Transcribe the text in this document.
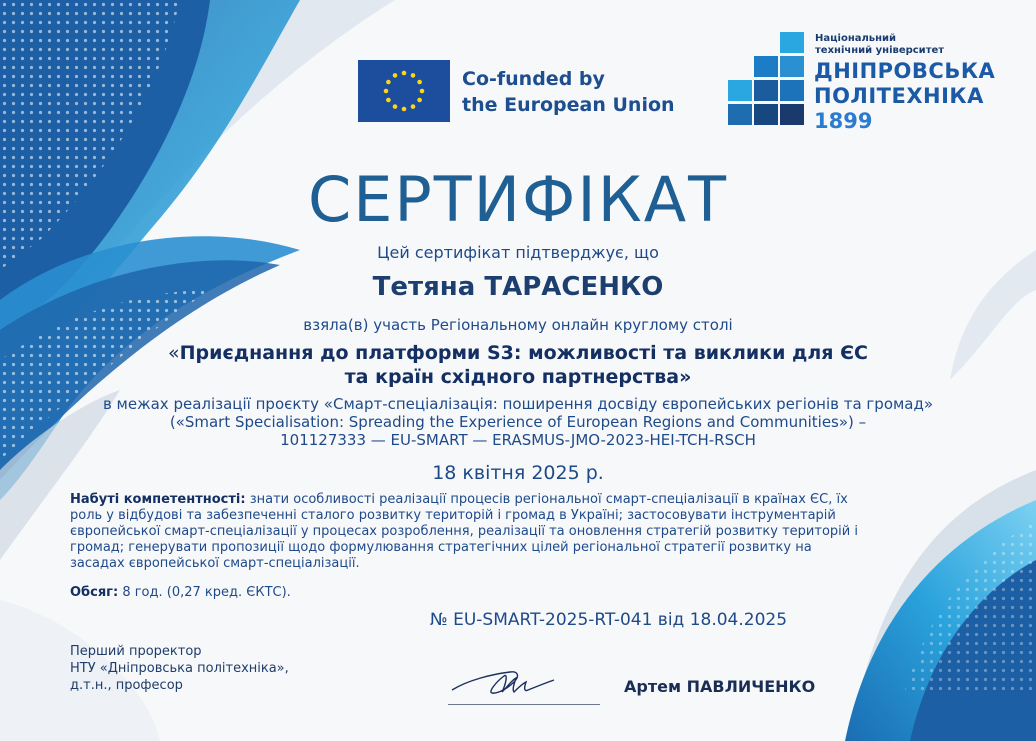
Co-funded by
the European Union
Національний
технічний університет
ДНІПРОВСЬКА
ПОЛІТЕХНІКА
1899
СЕРТИФІКАТ
Цей сертифікат підтверджує, що
Тетяна ТАРАСЕНКО
взяла(в) участь Регіональному онлайн круглому столі
«Приєднання до платформи S3: можливості та виклики для ЄС
та країн східного партнерства»
в межах реалізації проєкту «Смарт-спеціалізація: поширення досвіду європейських регіонів та громад»
(«Smart Specialisation: Spreading the Experience of European Regions and Communities») –
101127333 — EU-SMART — ERASMUS-JMO-2023-HEI-TCH-RSCH
18 квітня 2025 р.
Набуті компетентності: знати особливості реалізації процесів регіональної смарт-спеціалізації в країнах ЄС, їх роль у відбудові та забезпеченні сталого розвитку територій і громад в Україні; застосовувати інструментарій європейської смарт-спеціалізації у процесах розроблення, реалізації та оновлення стратегій розвитку територій і громад; генерувати пропозиції щодо формулювання стратегічних цілей регіональної стратегії розвитку на засадах європейської смарт-спеціалізації.
Обсяг: 8 год. (0,27 кред. ЄКТС).
№ EU-SMART-2025-RT-041 від 18.04.2025
Перший проректор
НТУ «Дніпровська політехніка»,
д.т.н., професор	Артем ПАВЛИЧЕНКО
